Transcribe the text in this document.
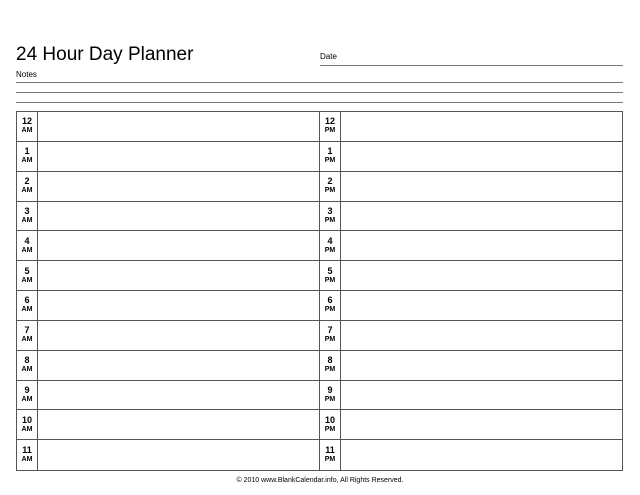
24 Hour Day Planner	Date
Notes
12
AM
12
PM
1
AM
1
PM
2
AM
2
PM
3
AM
3
PM
4
AM
4
PM
5
AM
5
PM
6
AM
6
PM
7
AM
7
PM
8
AM
8
PM
9
AM
9
PM
10
AM
10
PM
11
AM
11
PM
© 2010 www.BlankCalendar.info, All Rights Reserved.
